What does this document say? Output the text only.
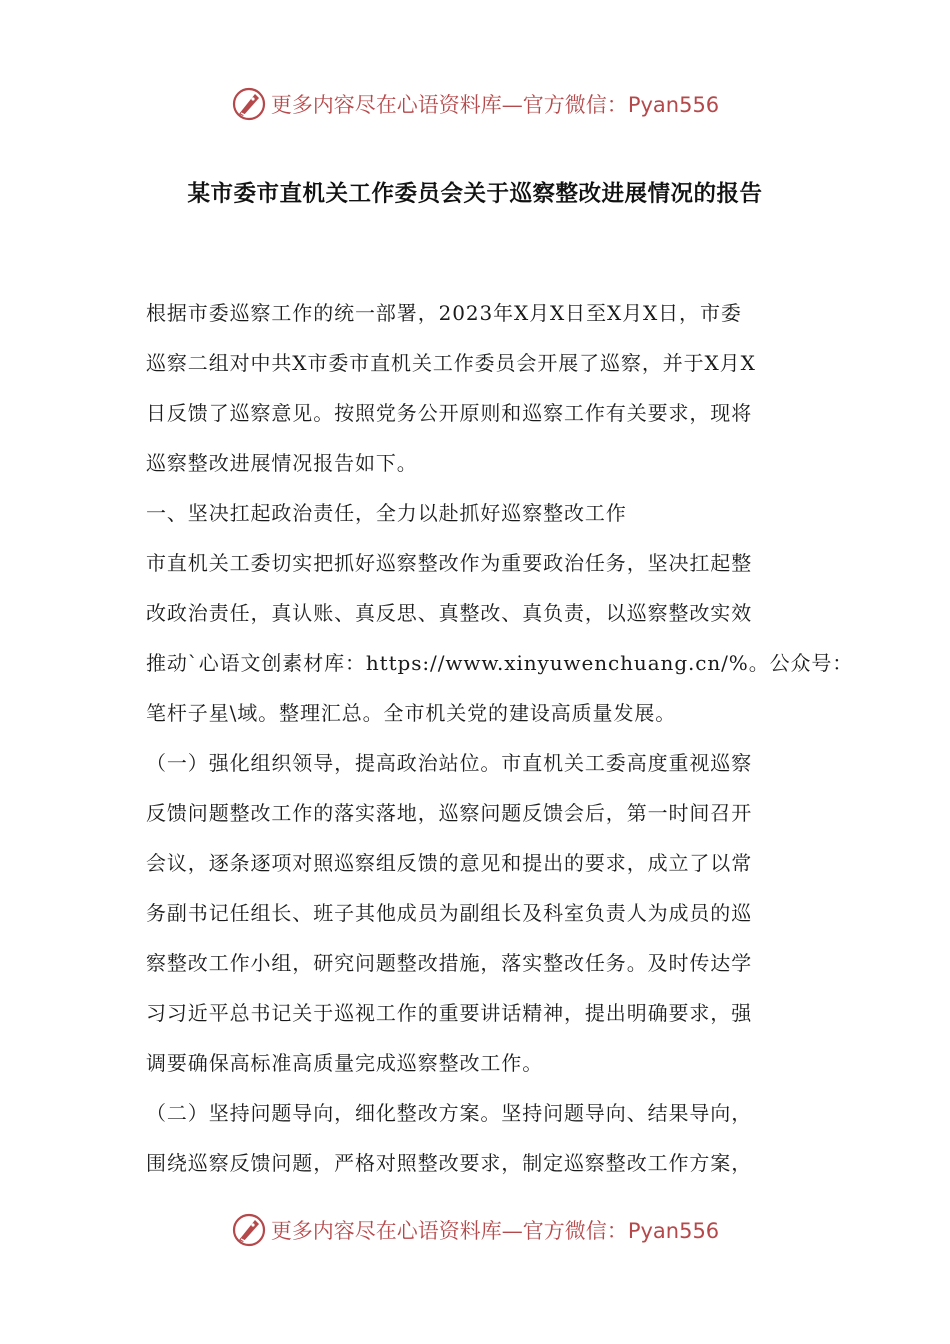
更多内容尽在心语资料库—官方微信：Pyan556
某市委市直机关工作委员会关于巡察整改进展情况的报告
根据市委巡察工作的统一部署，2023年X月X日至X月X日，市委
巡察二组对中共X市委市直机关工作委员会开展了巡察，并于X月X
日反馈了巡察意见。按照党务公开原则和巡察工作有关要求，现将
巡察整改进展情况报告如下。
一、坚决扛起政治责任，全力以赴抓好巡察整改工作
市直机关工委切实把抓好巡察整改作为重要政治任务，坚决扛起整
改政治责任，真认账、真反思、真整改、真负责，以巡察整改实效
推动`心语文创素材库：https://www.xinyuwenchuang.cn/%。公众号：
笔杆子星\域。整理汇总。全市机关党的建设高质量发展。
（一）强化组织领导，提高政治站位。市直机关工委高度重视巡察
反馈问题整改工作的落实落地，巡察问题反馈会后，第一时间召开
会议，逐条逐项对照巡察组反馈的意见和提出的要求，成立了以常
务副书记任组长、班子其他成员为副组长及科室负责人为成员的巡
察整改工作小组，研究问题整改措施，落实整改任务。及时传达学
习习近平总书记关于巡视工作的重要讲话精神，提出明确要求，强
调要确保高标准高质量完成巡察整改工作。
（二）坚持问题导向，细化整改方案。坚持问题导向、结果导向，
围绕巡察反馈问题，严格对照整改要求，制定巡察整改工作方案，
更多内容尽在心语资料库—官方微信：Pyan556
